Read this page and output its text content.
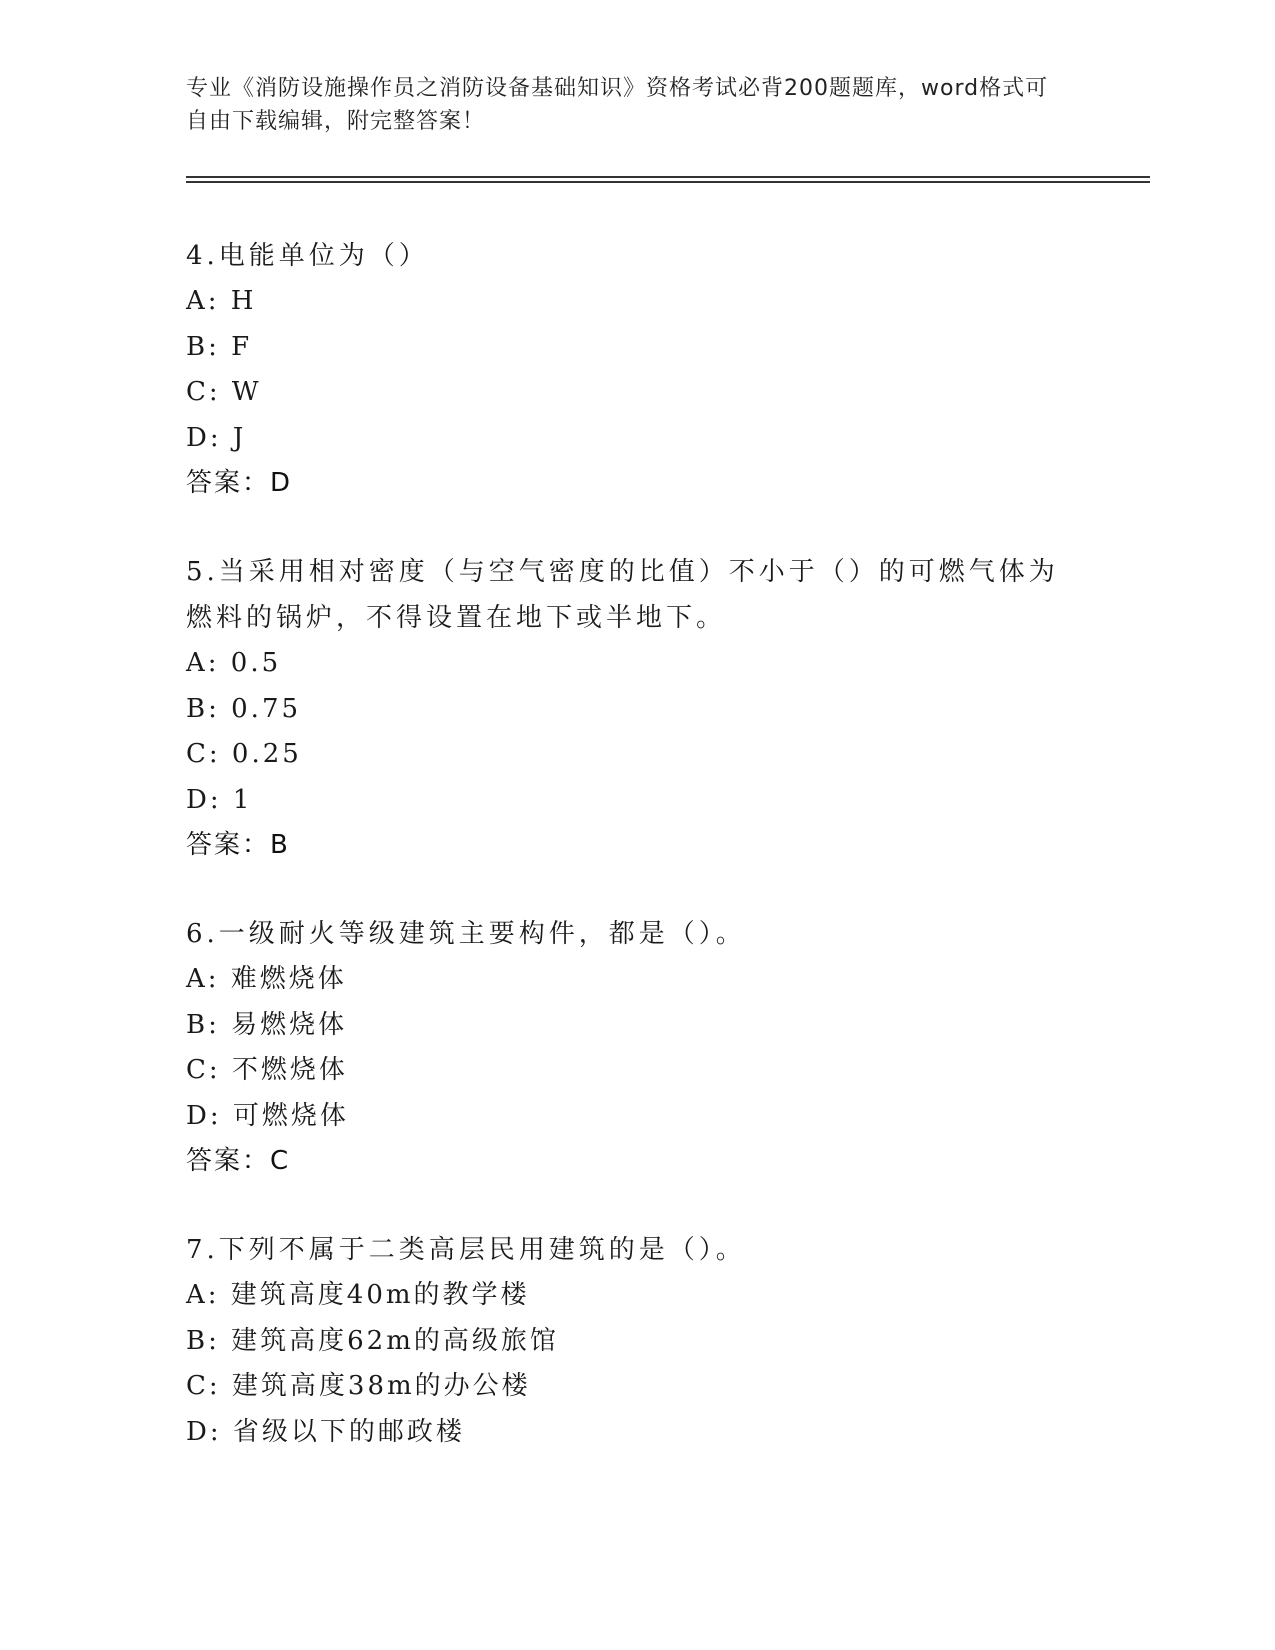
专业《消防设施操作员之消防设备基础知识》资格考试必背200题题库，word格式可自由下载编辑，附完整答案！

4.电能单位为（）

A: H

B: F

C: W

D: J

答案：D

5.当采用相对密度（与空气密度的比值）不小于（）的可燃气体为燃料的锅炉，不得设置在地下或半地下。

A: 0.5

B: 0.75

C: 0.25

D: 1

答案：B

6.一级耐火等级建筑主要构件，都是（）。

A: 难燃烧体

B: 易燃烧体

C: 不燃烧体

D: 可燃烧体

答案：C

7.下列不属于二类高层民用建筑的是（）。

A: 建筑高度40m的教学楼

B: 建筑高度62m的高级旅馆

C: 建筑高度38m的办公楼

D: 省级以下的邮政楼
